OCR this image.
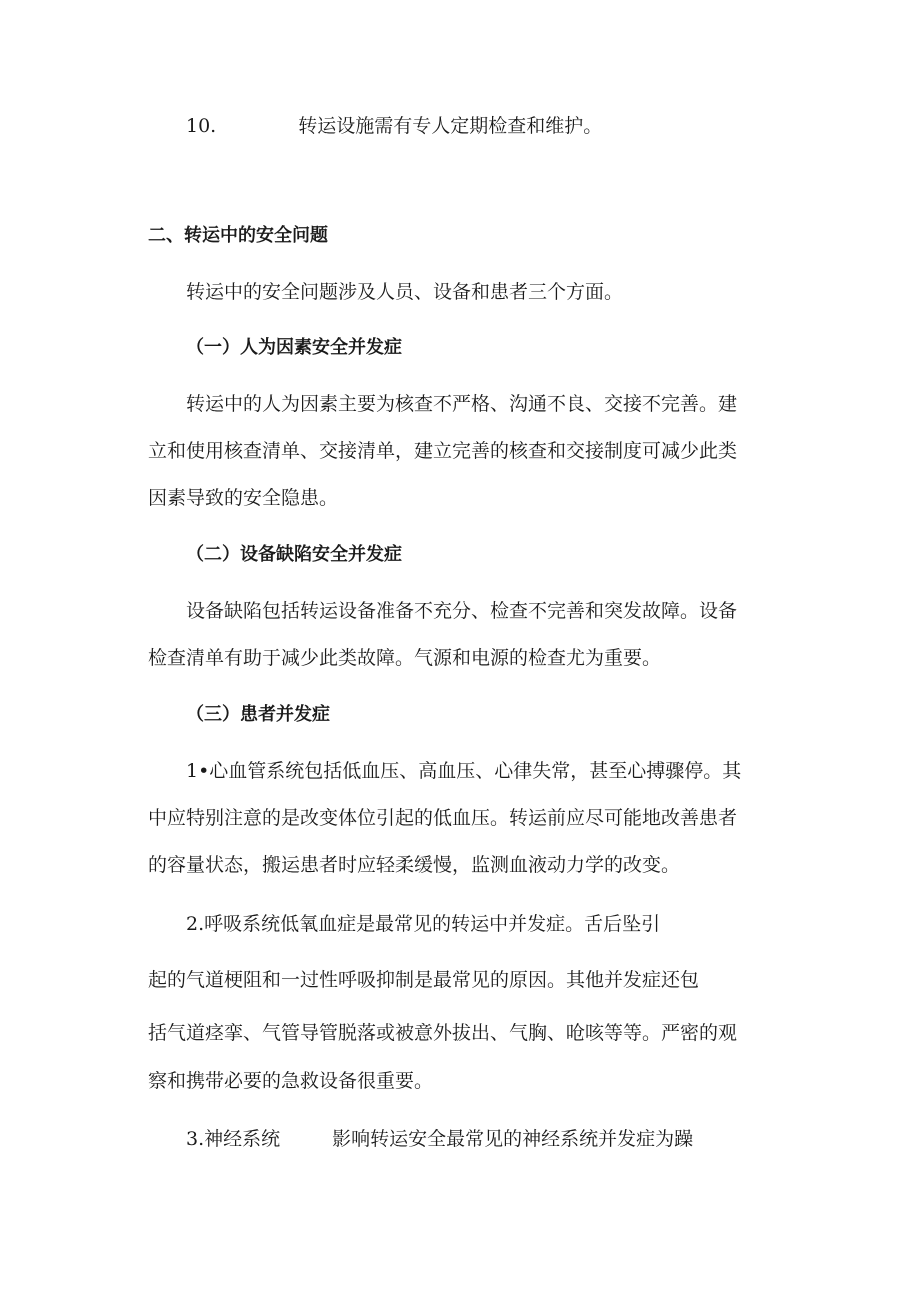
10.	转运设施需有专人定期检查和维护。
二、转运中的安全问题
转运中的安全问题涉及人员、设备和患者三个方面。
（一）人为因素安全并发症
转运中的人为因素主要为核查不严格、沟通不良、交接不完善。建
立和使用核查清单、交接清单，建立完善的核查和交接制度可减少此类
因素导致的安全隐患。
（二）设备缺陷安全并发症
设备缺陷包括转运设备准备不充分、检查不完善和突发故障。设备
检查清单有助于减少此类故障。气源和电源的检查尤为重要。
（三）患者并发症
1•心血管系统包括低血压、高血压、心律失常，甚至心搏骤停。其
中应特别注意的是改变体位引起的低血压。转运前应尽可能地改善患者
的容量状态，搬运患者时应轻柔缓慢，监测血液动力学的改变。
2.呼吸系统低氧血症是最常见的转运中并发症。舌后坠引
起的气道梗阻和一过性呼吸抑制是最常见的原因。其他并发症还包
括气道痉挛、气管导管脱落或被意外拔出、气胸、呛咳等等。严密的观
察和携带必要的急救设备很重要。
3.神经系统	影响转运安全最常见的神经系统并发症为躁
